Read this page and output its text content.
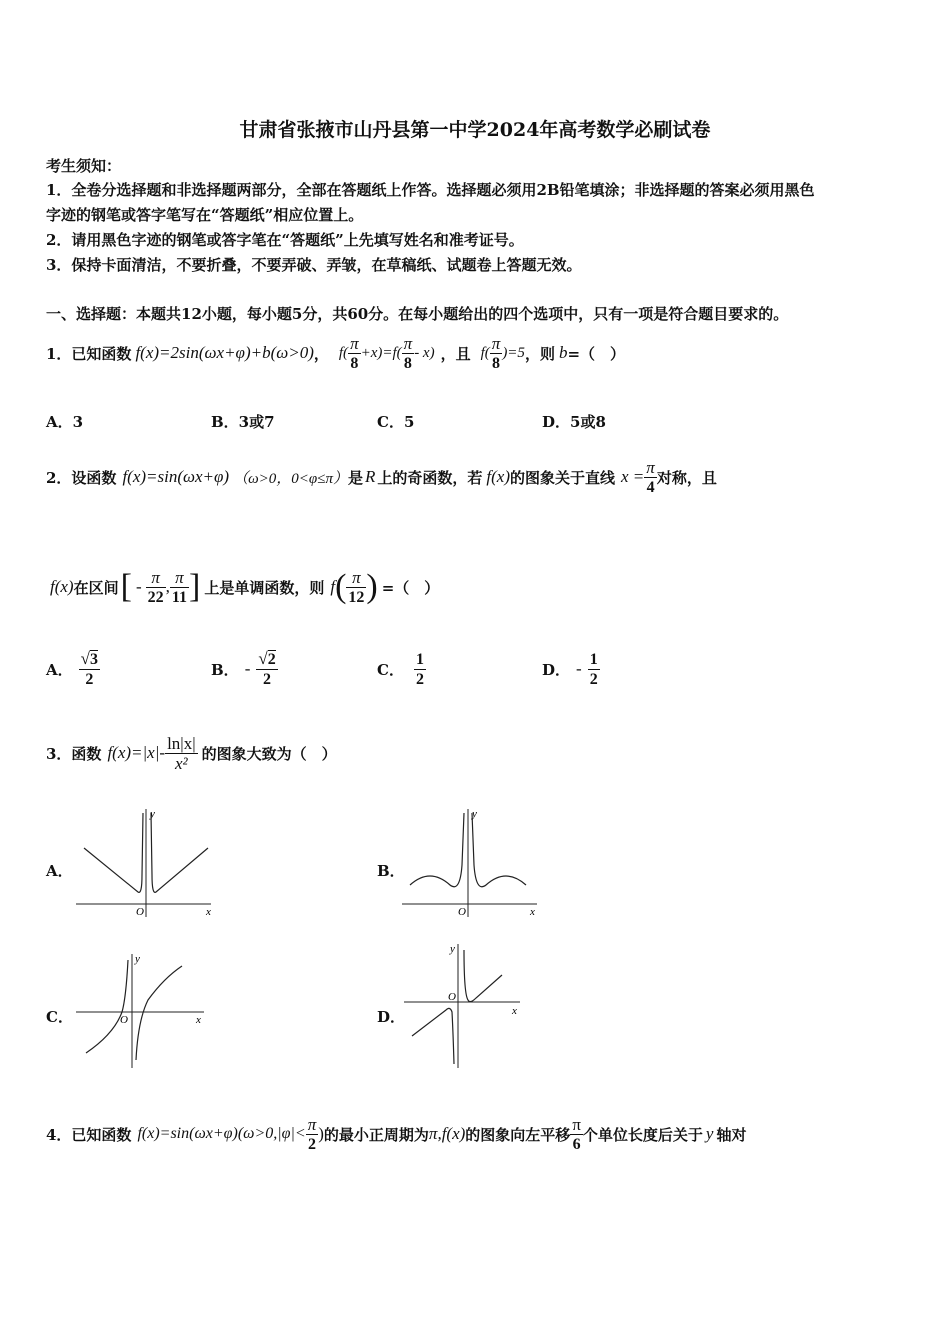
甘肃省张掖市山丹县第一中学2024年高考数学必刷试卷
考生须知：
1．全卷分选择题和非选择题两部分，全部在答题纸上作答。选择题必须用2B铅笔填涂；非选择题的答案必须用黑色
字迹的钢笔或答字笔写在“答题纸”相应位置上。
2．请用黑色字迹的钢笔或答字笔在“答题纸”上先填写姓名和准考证号。
3．保持卡面清洁，不要折叠，不要弄破、弄皱，在草稿纸、试题卷上答题无效。
一、选择题：本题共12小题，每小题5分，共60分。在每小题给出的四个选项中，只有一项是符合题目要求的。
1．已知函数 f(x)=2sin(ωx+φ)+b(ω>0) ， $f( \frac{\pi}{8} +x)=f( \frac{\pi}{8} - x)$ ，且 $f( \frac{\pi}{8} )=5$ ，则 b =（　）
A．3	B．3或7	C．5	D．5或8
2．设函数 f(x)=sin(ωx+φ) （ω>0，0<φ≤π） 是 R 上的奇函数，若 f(x) 的图象关于直线 $x = \frac{\pi}{4}$ 对称，且
f(x) 在区间 [ - $\frac{\pi}{22}$ , $\frac{\pi}{11}$ ] 上是单调函数，则 f ( $\frac{\pi}{12}$ ) =（　）
A． $\frac{√3}{2}$	B． - $\frac{√2}{2}$	C． $\frac{1}{2}$	D． - $\frac{1}{2}$
3．函数 $f(x)=|x|- \frac{\ln|x|}{\text{x²}}$ 的图象大致为（　）
A．	B．
C．	D．
y
x
O
y
x
O
y
x
O
y
x
O
4．已知函数 $f(x)=\sin(\omega x+\varphi)(\omega>0,|\varphi|< \frac{\pi}{2}$ ) 的最小正周期为 π, f(x) 的图象向左平移 $\frac{\pi}{6}$ 个单位长度后关于 y 轴对
